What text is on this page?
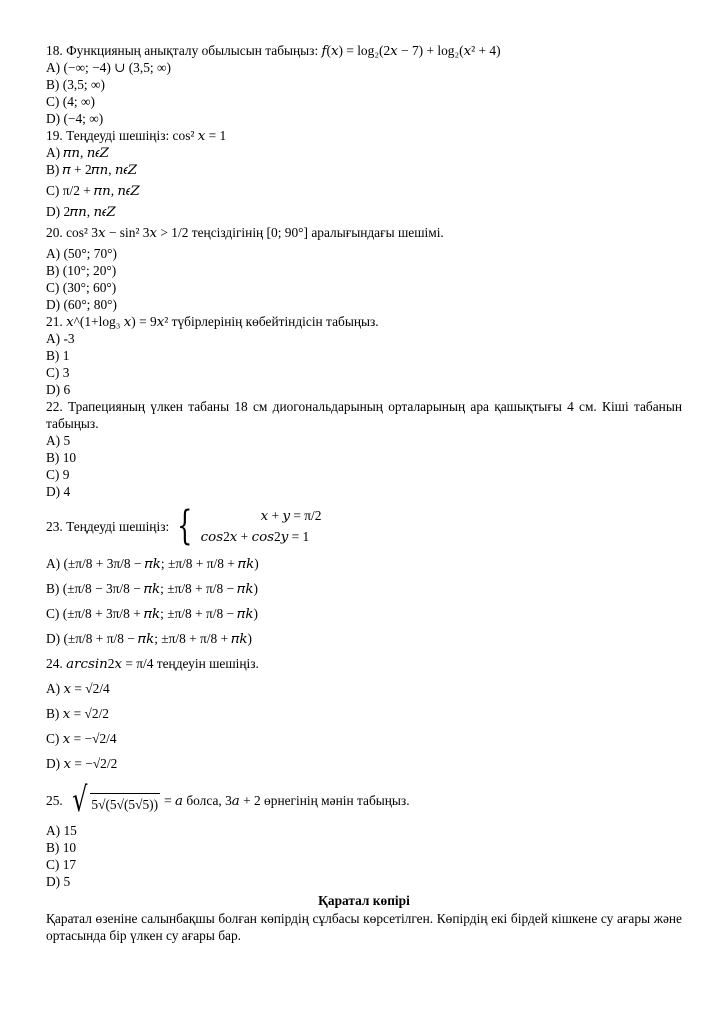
18. Функцияның анықталу обылысын табыңыз: 𝑓(𝑥) = log₂(2𝑥 − 7) + log₂(𝑥² + 4)
A) (−∞; −4) ∪ (3,5; ∞)
B) (3,5; ∞)
C) (4; ∞)
D) (−4; ∞)
19. Теңдеуді шешіңіз: cos² 𝑥 = 1
A) 𝜋𝑛, 𝑛𝜖𝑍
B) 𝜋 + 2𝜋𝑛, 𝑛𝜖𝑍
C) π/2 + 𝜋𝑛, 𝑛𝜖𝑍
D) 2𝜋𝑛, 𝑛𝜖𝑍
20. cos² 3𝑥 − sin² 3𝑥 > 1/2 теңсіздігінің [0; 90°] аралығындағы шешімі.
A) (50°; 70°)
B) (10°; 20°)
C) (30°; 60°)
D) (60°; 80°)
21. 𝑥^(1+log₃ 𝑥) = 9𝑥² түбірлерінің көбейтіндісін табыңыз.
A) -3
B) 1
C) 3
D) 6
22. Трапецияның үлкен табаны 18 см диогональдарының орталарының ара қашықтығы 4 см. Кіші табанын табыңыз.
A) 5
B) 10
C) 9
D) 4
23. Теңдеуді шешіңіз: {	𝑥 + 𝑦 = π/2
𝑐𝑜𝑠2𝑥 + 𝑐𝑜𝑠2𝑦 = 1
A) (±π/8 + 3π/8 − 𝜋𝑘; ±π/8 + π/8 + 𝜋𝑘)
B) (±π/8 − 3π/8 − 𝜋𝑘; ±π/8 + π/8 − 𝜋𝑘)
C) (±π/8 + 3π/8 + 𝜋𝑘; ±π/8 + π/8 − 𝜋𝑘)
D) (±π/8 + π/8 − 𝜋𝑘; ±π/8 + π/8 + 𝜋𝑘)
24. 𝑎𝑟𝑐𝑠𝑖𝑛2𝑥 = π/4 теңдеуін шешіңіз.
A) 𝑥 = √2/4
B) 𝑥 = √2/2
C) 𝑥 = −√2/4
D) 𝑥 = −√2/2
25. √ 5√(5√(5√5)) = 𝑎 болса, 3𝑎 + 2 өрнегінің мәнін табыңыз.
A) 15
B) 10
C) 17
D) 5
Қаратал көпірі
Қаратал өзеніне салынбақшы болған көпірдің сұлбасы көрсетілген. Көпірдің екі бірдей кішкене су ағары және ортасында бір үлкен су ағары бар.
